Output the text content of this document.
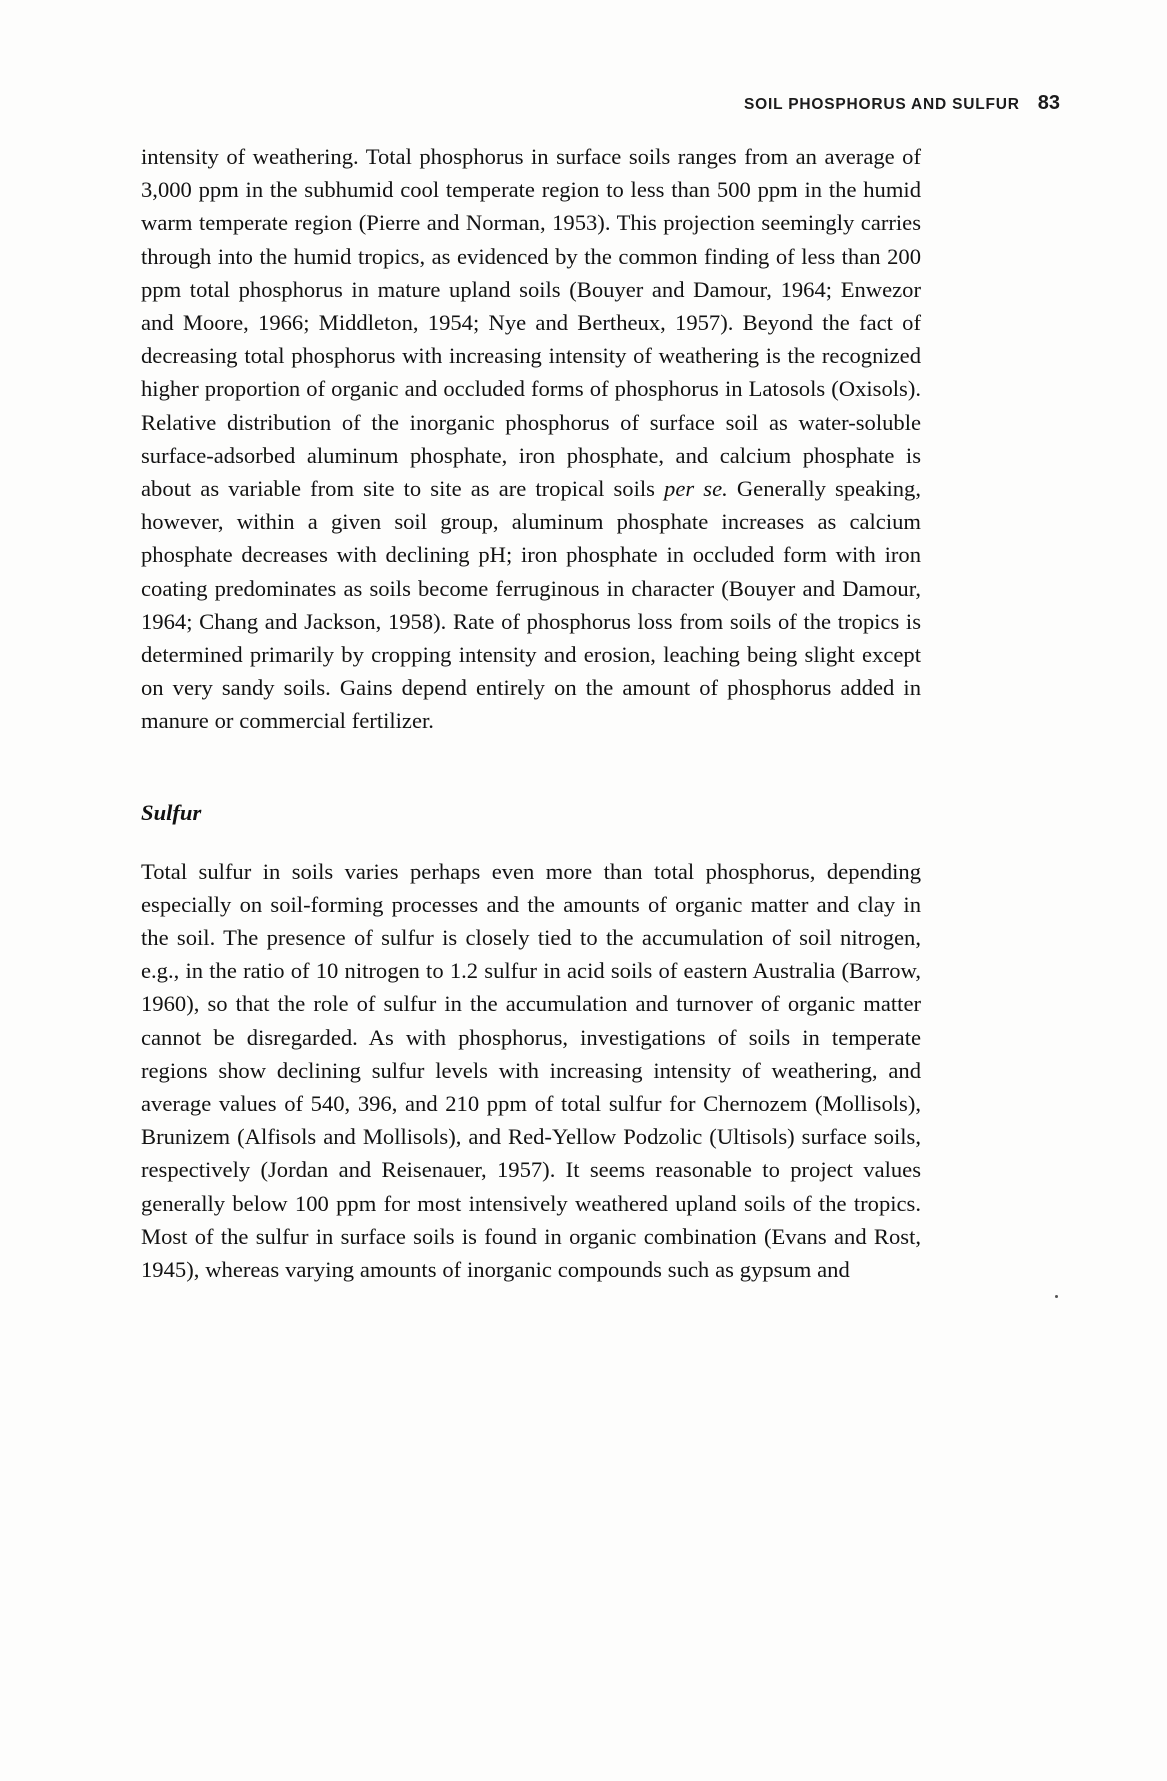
SOIL PHOSPHORUS AND SULFUR 83

intensity of weathering. Total phosphorus in surface soils ranges from an average of 3,000 ppm in the subhumid cool temperate region to less than 500 ppm in the humid warm temperate region (Pierre and Norman, 1953). This projection seemingly carries through into the humid tropics, as evidenced by the common finding of less than 200 ppm total phosphorus in mature upland soils (Bouyer and Damour, 1964; Enwezor and Moore, 1966; Middleton, 1954; Nye and Bertheux, 1957). Beyond the fact of decreasing total phosphorus with increasing intensity of weathering is the recognized higher proportion of organic and occluded forms of phosphorus in Latosols (Oxisols). Relative distribution of the inorganic phosphorus of surface soil as water-soluble surface-adsorbed aluminum phosphate, iron phosphate, and calcium phosphate is about as variable from site to site as are tropical soils per se. Generally speaking, however, within a given soil group, aluminum phosphate increases as calcium phosphate decreases with declining pH; iron phosphate in occluded form with iron coating predominates as soils become ferruginous in character (Bouyer and Damour, 1964; Chang and Jackson, 1958). Rate of phosphorus loss from soils of the tropics is determined primarily by cropping intensity and erosion, leaching being slight except on very sandy soils. Gains depend entirely on the amount of phosphorus added in manure or commercial fertilizer.

Sulfur

Total sulfur in soils varies perhaps even more than total phosphorus, depending especially on soil-forming processes and the amounts of organic matter and clay in the soil. The presence of sulfur is closely tied to the accumulation of soil nitrogen, e.g., in the ratio of 10 nitrogen to 1.2 sulfur in acid soils of eastern Australia (Barrow, 1960), so that the role of sulfur in the accumulation and turnover of organic matter cannot be disregarded. As with phosphorus, investigations of soils in temperate regions show declining sulfur levels with increasing intensity of weathering, and average values of 540, 396, and 210 ppm of total sulfur for Chernozem (Mollisols), Brunizem (Alfisols and Mollisols), and Red-Yellow Podzolic (Ultisols) surface soils, respectively (Jordan and Reisenauer, 1957). It seems reasonable to project values generally below 100 ppm for most intensively weathered upland soils of the tropics. Most of the sulfur in surface soils is found in organic combination (Evans and Rost, 1945), whereas varying amounts of inorganic compounds such as gypsum and
